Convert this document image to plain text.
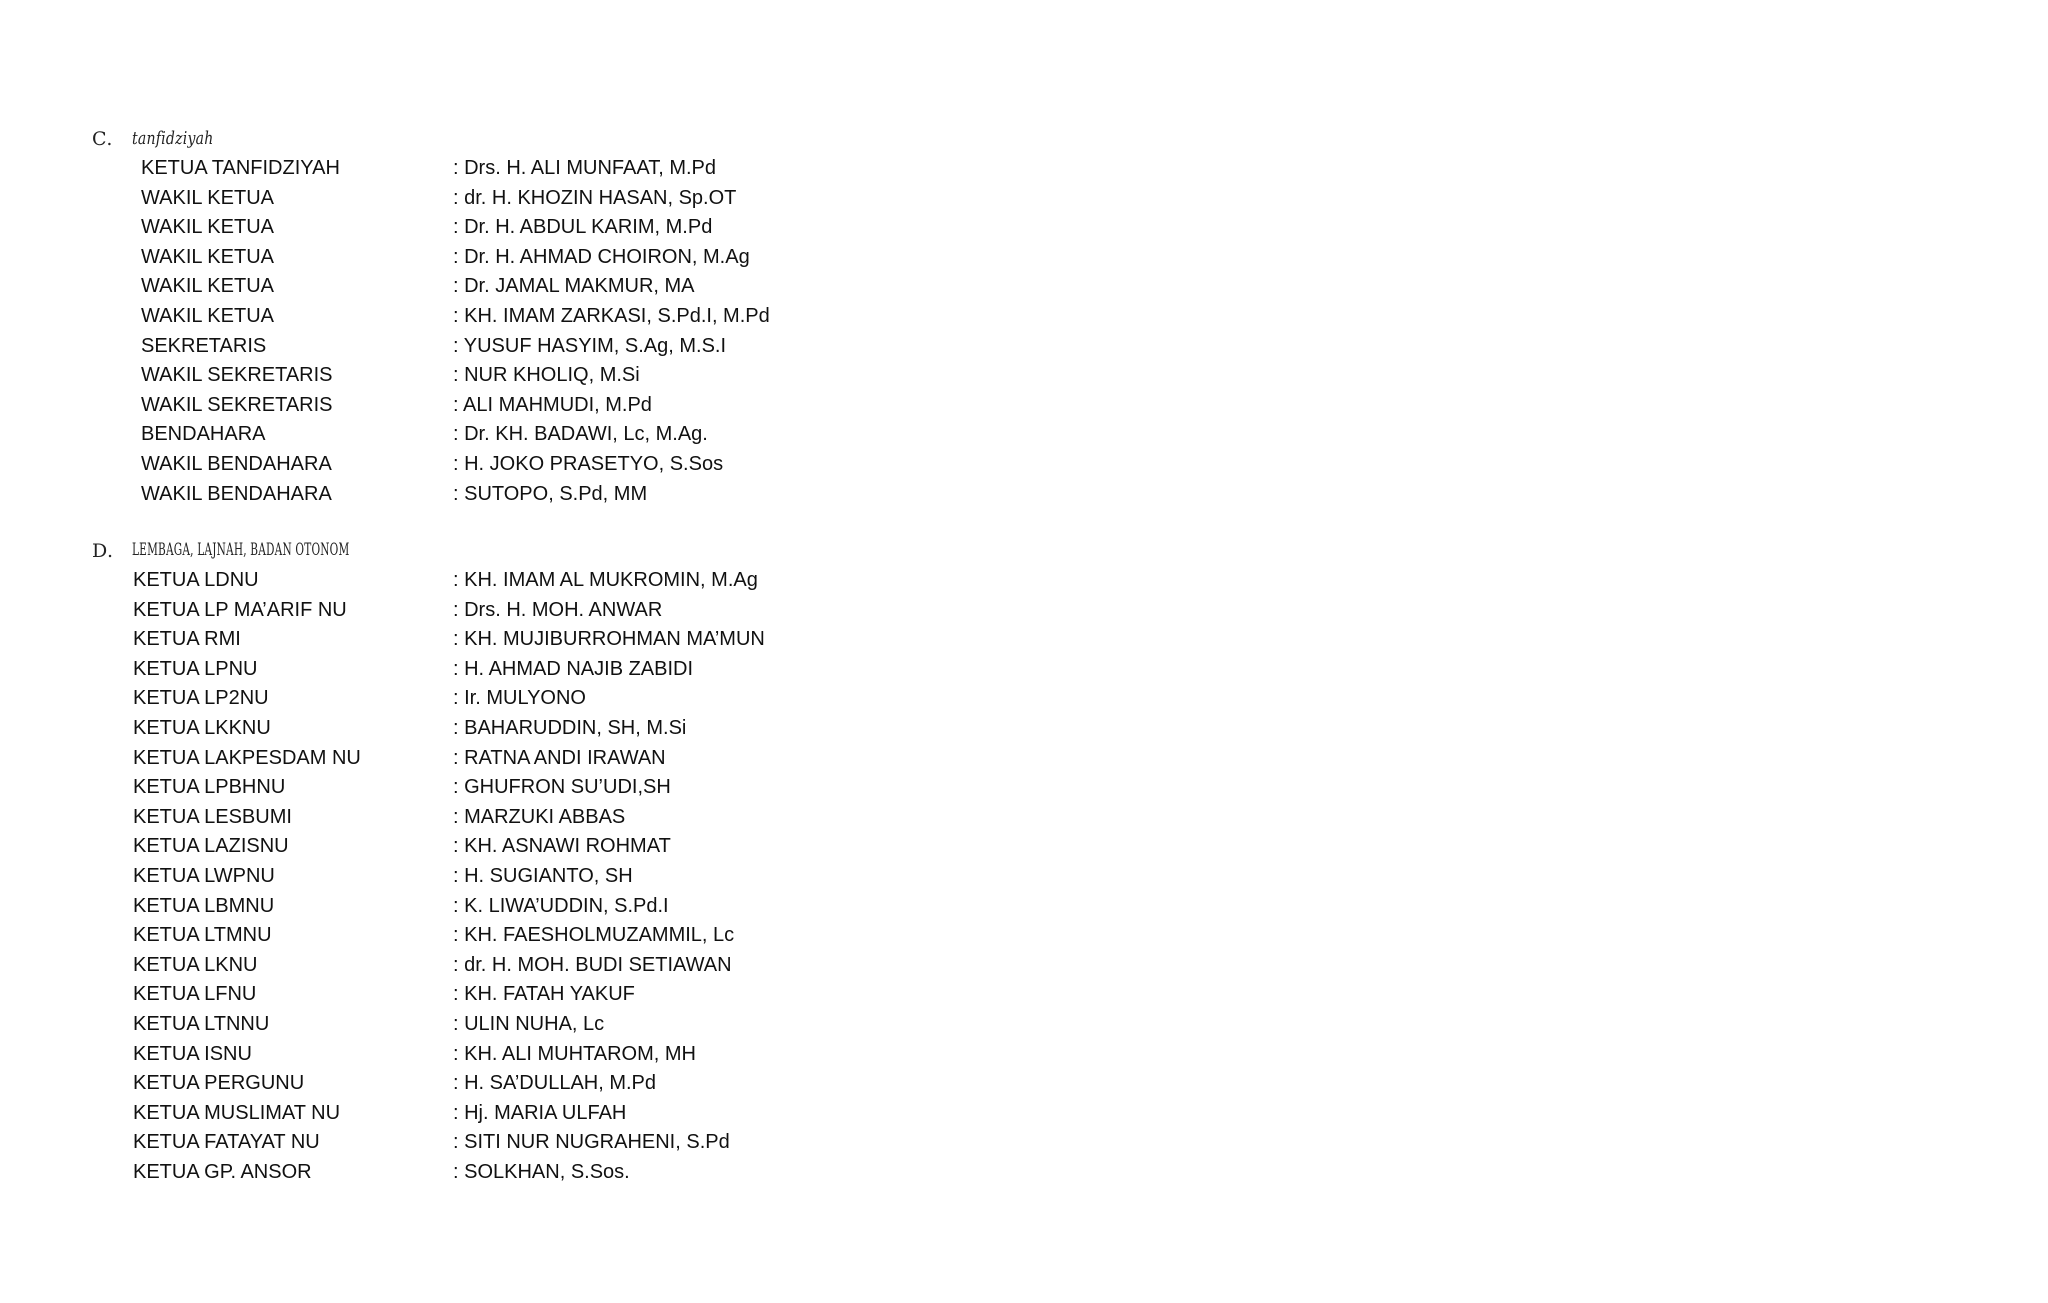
C. tanfidziyah
KETUA TANFIDZIYAH	: Drs. H. ALI MUNFAAT, M.Pd
WAKIL KETUA	: dr. H. KHOZIN HASAN, Sp.OT
WAKIL KETUA	: Dr. H. ABDUL KARIM, M.Pd
WAKIL KETUA	: Dr. H. AHMAD CHOIRON, M.Ag
WAKIL KETUA	: Dr. JAMAL MAKMUR, MA
WAKIL KETUA	: KH. IMAM ZARKASI, S.Pd.I, M.Pd
SEKRETARIS	: YUSUF HASYIM, S.Ag, M.S.I
WAKIL SEKRETARIS	: NUR KHOLIQ, M.Si
WAKIL SEKRETARIS	: ALI MAHMUDI, M.Pd
BENDAHARA	: Dr. KH. BADAWI, Lc, M.Ag.
WAKIL BENDAHARA	: H. JOKO PRASETYO, S.Sos
WAKIL BENDAHARA	: SUTOPO, S.Pd, MM
D. LEMBAGA, LAJNAH, BADAN OTONOM
KETUA LDNU	: KH. IMAM AL MUKROMIN, M.Ag
KETUA LP MA’ARIF NU	: Drs. H. MOH. ANWAR
KETUA RMI	: KH. MUJIBURROHMAN MA’MUN
KETUA LPNU	: H. AHMAD NAJIB ZABIDI
KETUA LP2NU	: Ir. MULYONO
KETUA LKKNU	: BAHARUDDIN, SH, M.Si
KETUA LAKPESDAM NU	: RATNA ANDI IRAWAN
KETUA LPBHNU	: GHUFRON SU’UDI,SH
KETUA LESBUMI	: MARZUKI ABBAS
KETUA LAZISNU	: KH. ASNAWI ROHMAT
KETUA LWPNU	: H. SUGIANTO, SH
KETUA LBMNU	: K. LIWA’UDDIN, S.Pd.I
KETUA LTMNU	: KH. FAESHOLMUZAMMIL, Lc
KETUA LKNU	: dr. H. MOH. BUDI SETIAWAN
KETUA LFNU	: KH. FATAH YAKUF
KETUA LTNNU	: ULIN NUHA, Lc
KETUA ISNU	: KH. ALI MUHTAROM, MH
KETUA PERGUNU	: H. SA’DULLAH, M.Pd
KETUA MUSLIMAT NU	: Hj. MARIA ULFAH
KETUA FATAYAT NU	: SITI NUR NUGRAHENI, S.Pd
KETUA GP. ANSOR	: SOLKHAN, S.Sos.
